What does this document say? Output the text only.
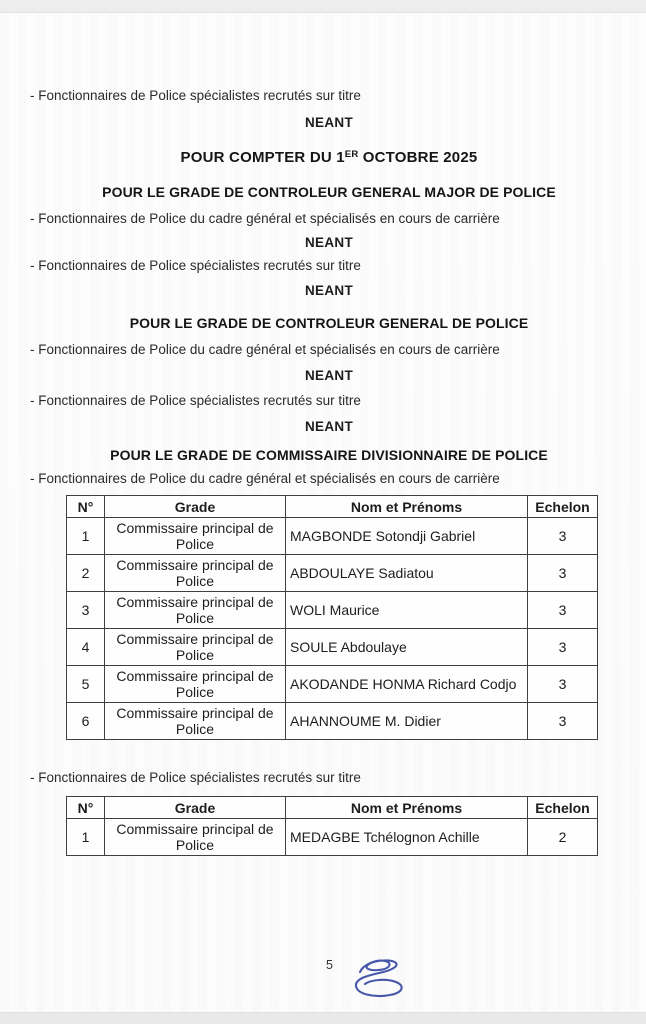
- Fonctionnaires de Police spécialistes recrutés sur titre
NEANT
POUR COMPTER DU 1ER OCTOBRE 2025
POUR LE GRADE DE CONTROLEUR GENERAL MAJOR DE POLICE
- Fonctionnaires de Police du cadre général et spécialisés en cours de carrière
NEANT
- Fonctionnaires de Police spécialistes recrutés sur titre
NEANT
POUR LE GRADE DE CONTROLEUR GENERAL DE POLICE
- Fonctionnaires de Police du cadre général et spécialisés en cours de carrière
NEANT
- Fonctionnaires de Police spécialistes recrutés sur titre
NEANT
POUR LE GRADE DE COMMISSAIRE DIVISIONNAIRE DE POLICE
- Fonctionnaires de Police du cadre général et spécialisés en cours de carrière
N°	Grade	Nom et Prénoms	Echelon
1	Commissaire principal de Police	MAGBONDE Sotondji Gabriel	3
2	Commissaire principal de Police	ABDOULAYE Sadiatou	3
3	Commissaire principal de Police	WOLI Maurice	3
4	Commissaire principal de Police	SOULE Abdoulaye	3
5	Commissaire principal de Police	AKODANDE HONMA Richard Codjo	3
6	Commissaire principal de Police	AHANNOUME M. Didier	3
- Fonctionnaires de Police spécialistes recrutés sur titre
N°	Grade	Nom et Prénoms	Echelon
1	Commissaire principal de Police	MEDAGBE Tchélognon Achille	2
5
